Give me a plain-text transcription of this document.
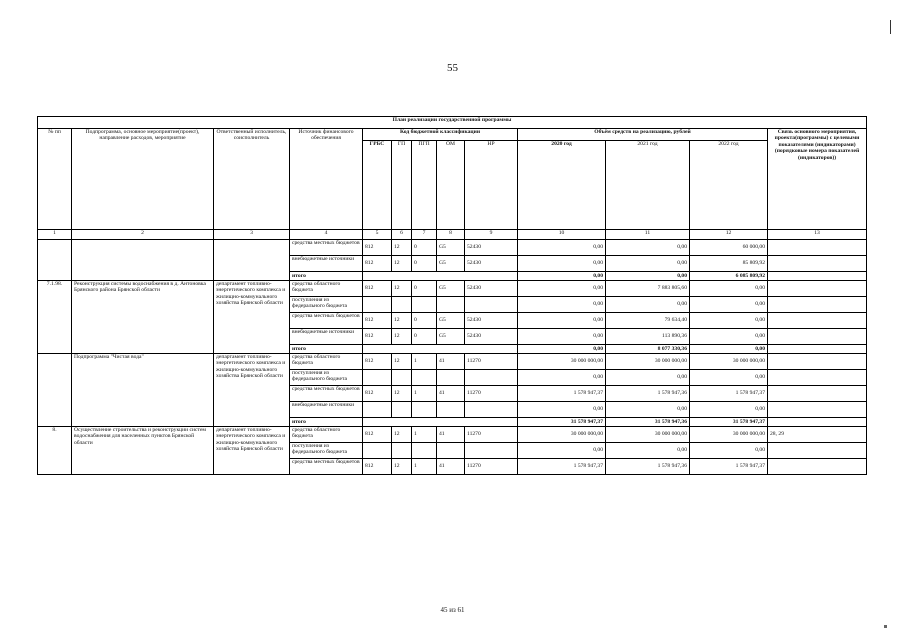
55
План реализации государственной программы												
№ пп	Подпрограмма, основное мероприятие(проект), направление расходов, мероприятие	Ответственный исполнитель, соисполнитель	Источник финансового обеспечения	Код бюджетной классификации					Объём средств на реализацию, рублей			Связь основного мероприятия, проекта(программы) с целевыми показателями (индикаторами) (порядковые номера показателей (индикаторов))
				ГРБС	ГП	ПГП	ОМ	НР	2020 год	2021 год	2022 год	
1	2	3	4	5	6	7	8	9	10	11	12	13
			средства местных бюджетов	812	12	0	G5	52430	0,00	0,00	60 000,00	
			внебюджетные источники	812	12	0	G5	52430	0,00	0,00	85 809,92	
			итого						0,00	0,00	6 085 809,92	
7.1.98.	Реконструкция системы водоснабжения в д. Антоновка Брянского района Брянской области	департамент топливно-энергетического комплекса и жилищно-коммунального хозяйства Брянской области	средства областного бюджета	812	12	0	G5	52430	0,00	7 883 805,60	0,00	
			поступления из федерального бюджета						0,00	0,00	0,00	
			средства местных бюджетов	812	12	0	G5	52430	0,00	79 634,40	0,00	
			внебюджетные источники	812	12	0	G5	52430	0,00	113 890,36	0,00	
			итого						0,00	8 077 330,36	0,00	
	Подпрограмма "Чистая вода"	департамент топливно-энергетического комплекса и жилищно-коммунального хозяйства Брянской области	средства областного бюджета	812	12	1	41	11270	30 000 000,00	30 000 000,00	30 000 000,00	
			поступления из федерального бюджета						0,00	0,00	0,00	
			средства местных бюджетов	812	12	1	41	11270	1 578 947,37	1 578 947,36	1 578 947,37	
			внебюджетные источники						0,00	0,00	0,00	
			итого						31 578 947,37	31 578 947,36	31 578 947,37	
8.	Осуществление строительства и реконструкции систем водоснабжения для населенных пунктов Брянской области	департамент топливно-энергетического комплекса и жилищно-коммунального хозяйства Брянской области	средства областного бюджета	812	12	1	41	11270	30 000 000,00	30 000 000,00	30 000 000,00	28, 29
			поступления из федерального бюджета						0,00	0,00	0,00	
			средства местных бюджетов	812	12	1	41	11270	1 578 947,37	1 578 947,36	1 578 947,37	
45 из 61
